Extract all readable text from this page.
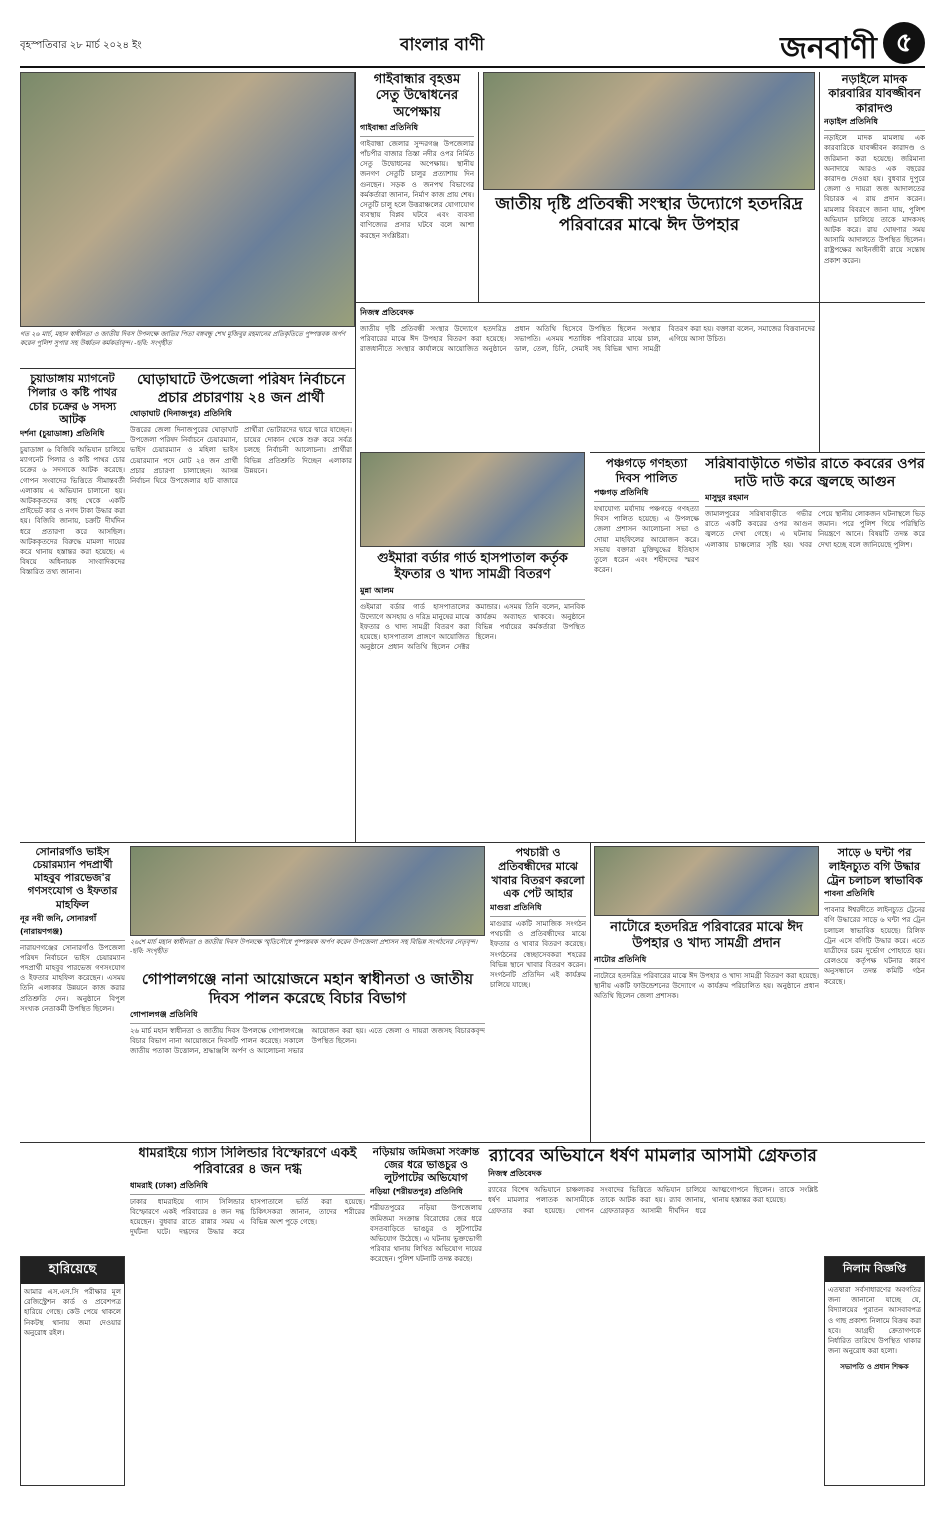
বৃহস্পতিবার ২৮ মার্চ ২০২৪ ইং	বাংলার বাণী	জনবাণী ৫
গত ২৬ মার্চ, মহান স্বাধীনতা ও জাতীয় দিবস উপলক্ষে জাতির পিতা বঙ্গবন্ধু শেখ মুজিবুর রহমানের প্রতিকৃতিতে পুষ্পস্তবক অর্পণ করেন পুলিশ সুপার সহ উর্ধ্বতন কর্মকর্তাবৃন্দ। -ছবি: সংগৃহীত
গাইবান্ধার বৃহত্তম সেতু উদ্বোধনের অপেক্ষায়
গাইবান্ধা প্রতিনিধি
গাইবান্ধা জেলার সুন্দরগঞ্জ উপজেলার পাঁচপীর বাজার তিস্তা নদীর ওপর নির্মিত সেতু উদ্বোধনের অপেক্ষায়। স্থানীয় জনগণ সেতুটি চালুর প্রত্যাশায় দিন গুনছেন। সড়ক ও জনপথ বিভাগের কর্মকর্তারা জানান, নির্মাণ কাজ প্রায় শেষ। সেতুটি চালু হলে উত্তরাঞ্চলের যোগাযোগ ব্যবস্থায় বিপ্লব ঘটবে এবং ব্যবসা বাণিজ্যের প্রসার ঘটবে বলে আশা করছেন সংশ্লিষ্টরা।
জাতীয় দৃষ্টি প্রতিবন্ধী সংস্থার উদ্যোগে হতদরিদ্র পরিবারের মাঝে ঈদ উপহার
নিজস্ব প্রতিবেদক
জাতীয় দৃষ্টি প্রতিবন্ধী সংস্থার উদ্যোগে হতদরিদ্র পরিবারের মাঝে ঈদ উপহার বিতরণ করা হয়েছে। রাজধানীতে সংস্থার কার্যালয়ে আয়োজিত অনুষ্ঠানে প্রধান অতিথি হিসেবে উপস্থিত ছিলেন সংস্থার সভাপতি। এসময় শতাধিক পরিবারের মাঝে চাল, ডাল, তেল, চিনি, সেমাই সহ বিভিন্ন খাদ্য সামগ্রী বিতরণ করা হয়। বক্তারা বলেন, সমাজের বিত্তবানদের এগিয়ে আসা উচিত।
নড়াইলে মাদক কারবারির যাবজ্জীবন কারাদণ্ড
নড়াইল প্রতিনিধি
নড়াইলে মাদক মামলায় এক কারবারিকে যাবজ্জীবন কারাদণ্ড ও জরিমানা করা হয়েছে। জরিমানা অনাদায়ে আরও এক বছরের কারাদণ্ড দেওয়া হয়। বুধবার দুপুরে জেলা ও দায়রা জজ আদালতের বিচারক এ রায় প্রদান করেন। মামলার বিবরণে জানা যায়, পুলিশ অভিযান চালিয়ে তাকে মাদকসহ আটক করে। রায় ঘোষণার সময় আসামি আদালতে উপস্থিত ছিলেন। রাষ্ট্রপক্ষের আইনজীবী রায়ে সন্তোষ প্রকাশ করেন।
চুয়াডাঙ্গায় ম্যাগনেট পিলার ও কষ্টি পাথর চোর চক্রের ৬ সদস্য আটক
দর্শনা (চুয়াডাঙ্গা) প্রতিনিধি
চুয়াডাঙ্গা ৬ বিজিবি অভিযান চালিয়ে ম্যাগনেট পিলার ও কষ্টি পাথর চোর চক্রের ৬ সদস্যকে আটক করেছে। গোপন সংবাদের ভিত্তিতে সীমান্তবর্তী এলাকায় এ অভিযান চালানো হয়। আটককৃতদের কাছ থেকে একটি প্রাইভেট কার ও নগদ টাকা উদ্ধার করা হয়। বিজিবি জানায়, চক্রটি দীর্ঘদিন ধরে প্রতারণা করে আসছিল। আটককৃতদের বিরুদ্ধে মামলা দায়ের করে থানায় হস্তান্তর করা হয়েছে। এ বিষয়ে অধিনায়ক সাংবাদিকদের বিস্তারিত তথ্য জানান।
ঘোড়াঘাটে উপজেলা পরিষদ নির্বাচনে প্রচার প্রচারণায় ২৪ জন প্রার্থী
ঘোড়াঘাট (দিনাজপুর) প্রতিনিধি
উত্তরের জেলা দিনাজপুরের ঘোড়াঘাট উপজেলা পরিষদ নির্বাচনে চেয়ারম্যান, ভাইস চেয়ারম্যান ও মহিলা ভাইস চেয়ারম্যান পদে মোট ২৪ জন প্রার্থী প্রচার প্রচারণা চালাচ্ছেন। আসন্ন নির্বাচন ঘিরে উপজেলার হাট বাজারে প্রার্থীরা ভোটারদের দ্বারে দ্বারে যাচ্ছেন। চায়ের দোকান থেকে শুরু করে সর্বত্র চলছে নির্বাচনী আলোচনা। প্রার্থীরা বিভিন্ন প্রতিশ্রুতি দিচ্ছেন এলাকার উন্নয়নে।
গুইমারা বর্ডার গার্ড হাসপাতাল কর্তৃক ইফতার ও খাদ্য সামগ্রী বিতরণ
মুন্না আলম
গুইমারা বর্ডার গার্ড হাসপাতালের উদ্যোগে অসহায় ও দরিদ্র মানুষের মাঝে ইফতার ও খাদ্য সামগ্রী বিতরণ করা হয়েছে। হাসপাতাল প্রাঙ্গণে আয়োজিত অনুষ্ঠানে প্রধান অতিথি ছিলেন সেক্টর কমান্ডার। এসময় তিনি বলেন, মানবিক কার্যক্রম অব্যাহত থাকবে। অনুষ্ঠানে বিভিন্ন পর্যায়ের কর্মকর্তারা উপস্থিত ছিলেন।
পঞ্চগড়ে গণহত্যা দিবস পালিত
পঞ্চগড় প্রতিনিধি
যথাযোগ্য মর্যাদায় পঞ্চগড়ে গণহত্যা দিবস পালিত হয়েছে। এ উপলক্ষে জেলা প্রশাসন আলোচনা সভা ও দোয়া মাহফিলের আয়োজন করে। সভায় বক্তারা মুক্তিযুদ্ধের ইতিহাস তুলে ধরেন এবং শহীদদের স্মরণ করেন।
সরিষাবাড়ীতে গভীর রাতে কবরের ওপর দাউ দাউ করে জ্বলছে আগুন
মাসুদুর রহমান
জামালপুরের সরিষাবাড়ীতে গভীর রাতে একটি কবরের ওপর আগুন জ্বলতে দেখা গেছে। এ ঘটনায় এলাকায় চাঞ্চল্যের সৃষ্টি হয়। খবর পেয়ে স্থানীয় লোকজন ঘটনাস্থলে ভিড় জমান। পরে পুলিশ গিয়ে পরিস্থিতি নিয়ন্ত্রণে আনে। বিষয়টি তদন্ত করে দেখা হচ্ছে বলে জানিয়েছে পুলিশ।
২৬শে মার্চ মহান স্বাধীনতা ও জাতীয় দিবস উপলক্ষে স্মৃতিসৌধে পুষ্পস্তবক অর্পণ করেন উপজেলা প্রশাসন সহ বিভিন্ন সংগঠনের নেতৃবৃন্দ। -ছবি: সংগৃহীত
সোনারগাঁও ভাইস চেয়ারম্যান পদপ্রার্থী মাহবুব পারভেজ'র গণসংযোগ ও ইফতার মাহফিল
নূর নবী জনি, সোনারগাঁ (নারায়ণগঞ্জ)
নারায়ণগঞ্জের সোনারগাঁও উপজেলা পরিষদ নির্বাচনে ভাইস চেয়ারম্যান পদপ্রার্থী মাহবুব পারভেজ গণসংযোগ ও ইফতার মাহফিল করেছেন। এসময় তিনি এলাকার উন্নয়নে কাজ করার প্রতিশ্রুতি দেন। অনুষ্ঠানে বিপুল সংখ্যক নেতাকর্মী উপস্থিত ছিলেন।
পথচারী ও প্রতিবন্ধীদের মাঝে খাবার বিতরণ করলো এক পেট আহার
মাগুরা প্রতিনিধি
মাগুরার একটি সামাজিক সংগঠন পথচারী ও প্রতিবন্ধীদের মাঝে ইফতার ও খাবার বিতরণ করেছে। সংগঠনের স্বেচ্ছাসেবকরা শহরের বিভিন্ন স্থানে খাবার বিতরণ করেন। সংগঠনটি প্রতিদিন এই কার্যক্রম চালিয়ে যাচ্ছে।
নাটোরে হতদরিদ্র পরিবারের মাঝে ঈদ উপহার ও খাদ্য সামগ্রী প্রদান
নাটোর প্রতিনিধি
নাটোরে হতদরিদ্র পরিবারের মাঝে ঈদ উপহার ও খাদ্য সামগ্রী বিতরণ করা হয়েছে। স্থানীয় একটি ফাউন্ডেশনের উদ্যোগে এ কার্যক্রম পরিচালিত হয়। অনুষ্ঠানে প্রধান অতিথি ছিলেন জেলা প্রশাসক।
সাড়ে ৬ ঘন্টা পর লাইনচ্যুত বগি উদ্ধার ট্রেন চলাচল স্বাভাবিক
পাবনা প্রতিনিধি
পাবনার ঈশ্বরদীতে লাইনচ্যুত ট্রেনের বগি উদ্ধারের সাড়ে ৬ ঘন্টা পর ট্রেন চলাচল স্বাভাবিক হয়েছে। রিলিফ ট্রেন এসে বগিটি উদ্ধার করে। এতে যাত্রীদের চরম দুর্ভোগ পোহাতে হয়। রেলওয়ে কর্তৃপক্ষ ঘটনার কারণ অনুসন্ধানে তদন্ত কমিটি গঠন করেছে।
গোপালগঞ্জে নানা আয়োজনে মহান স্বাধীনতা ও জাতীয় দিবস পালন করেছে বিচার বিভাগ
গোপালগঞ্জ প্রতিনিধি
২৬ মার্চ মহান স্বাধীনতা ও জাতীয় দিবস উপলক্ষে গোপালগঞ্জে বিচার বিভাগ নানা আয়োজনে দিবসটি পালন করেছে। সকালে জাতীয় পতাকা উত্তোলন, শ্রদ্ধাঞ্জলি অর্পণ ও আলোচনা সভার আয়োজন করা হয়। এতে জেলা ও দায়রা জজসহ বিচারকবৃন্দ উপস্থিত ছিলেন।
হারিয়েছে
আমার এস.এস.সি পরীক্ষার মূল রেজিস্ট্রেশন কার্ড ও প্রবেশপত্র হারিয়ে গেছে। কেউ পেয়ে থাকলে নিকটস্থ থানায় জমা দেওয়ার অনুরোধ রইল।
ধামরাইয়ে গ্যাস সিলিন্ডার বিস্ফোরণে একই পরিবারের ৪ জন দগ্ধ
ধামরাই (ঢাকা) প্রতিনিধি
ঢাকার ধামরাইয়ে গ্যাস সিলিন্ডার বিস্ফোরণে একই পরিবারের ৪ জন দগ্ধ হয়েছেন। বুধবার রাতে রান্নার সময় এ দুর্ঘটনা ঘটে। দগ্ধদের উদ্ধার করে হাসপাতালে ভর্তি করা হয়েছে। চিকিৎসকরা জানান, তাদের শরীরের বিভিন্ন অংশ পুড়ে গেছে।
নড়িয়ায় জমিজমা সংক্রান্ত জের ধরে ভাঙচুর ও লুটপাটের অভিযোগ
নড়িয়া (শরীয়তপুর) প্রতিনিধি
শরীয়তপুরের নড়িয়া উপজেলায় জমিজমা সংক্রান্ত বিরোধের জের ধরে বসতবাড়িতে ভাঙচুর ও লুটপাটের অভিযোগ উঠেছে। এ ঘটনায় ভুক্তভোগী পরিবার থানায় লিখিত অভিযোগ দায়ের করেছেন। পুলিশ ঘটনাটি তদন্ত করছে।
র‍্যাবের অভিযানে ধর্ষণ মামলার আসামী গ্রেফতার
নিজস্ব প্রতিবেদক
র‍্যাবের বিশেষ অভিযানে চাঞ্চল্যকর ধর্ষণ মামলার পলাতক আসামীকে গ্রেফতার করা হয়েছে। গোপন সংবাদের ভিত্তিতে অভিযান চালিয়ে তাকে আটক করা হয়। র‍্যাব জানায়, গ্রেফতারকৃত আসামী দীর্ঘদিন ধরে আত্মগোপনে ছিলেন। তাকে সংশ্লিষ্ট থানায় হস্তান্তর করা হয়েছে।
নিলাম বিজ্ঞপ্তি
এতদ্বারা সর্বসাধারণের অবগতির জন্য জানানো যাচ্ছে যে, বিদ্যালয়ের পুরাতন আসবাবপত্র ও গাছ প্রকাশ্য নিলামে বিক্রয় করা হবে। আগ্রহী ক্রেতাগণকে নির্ধারিত তারিখে উপস্থিত থাকার জন্য অনুরোধ করা হলো।
সভাপতি ও প্রধান শিক্ষক
